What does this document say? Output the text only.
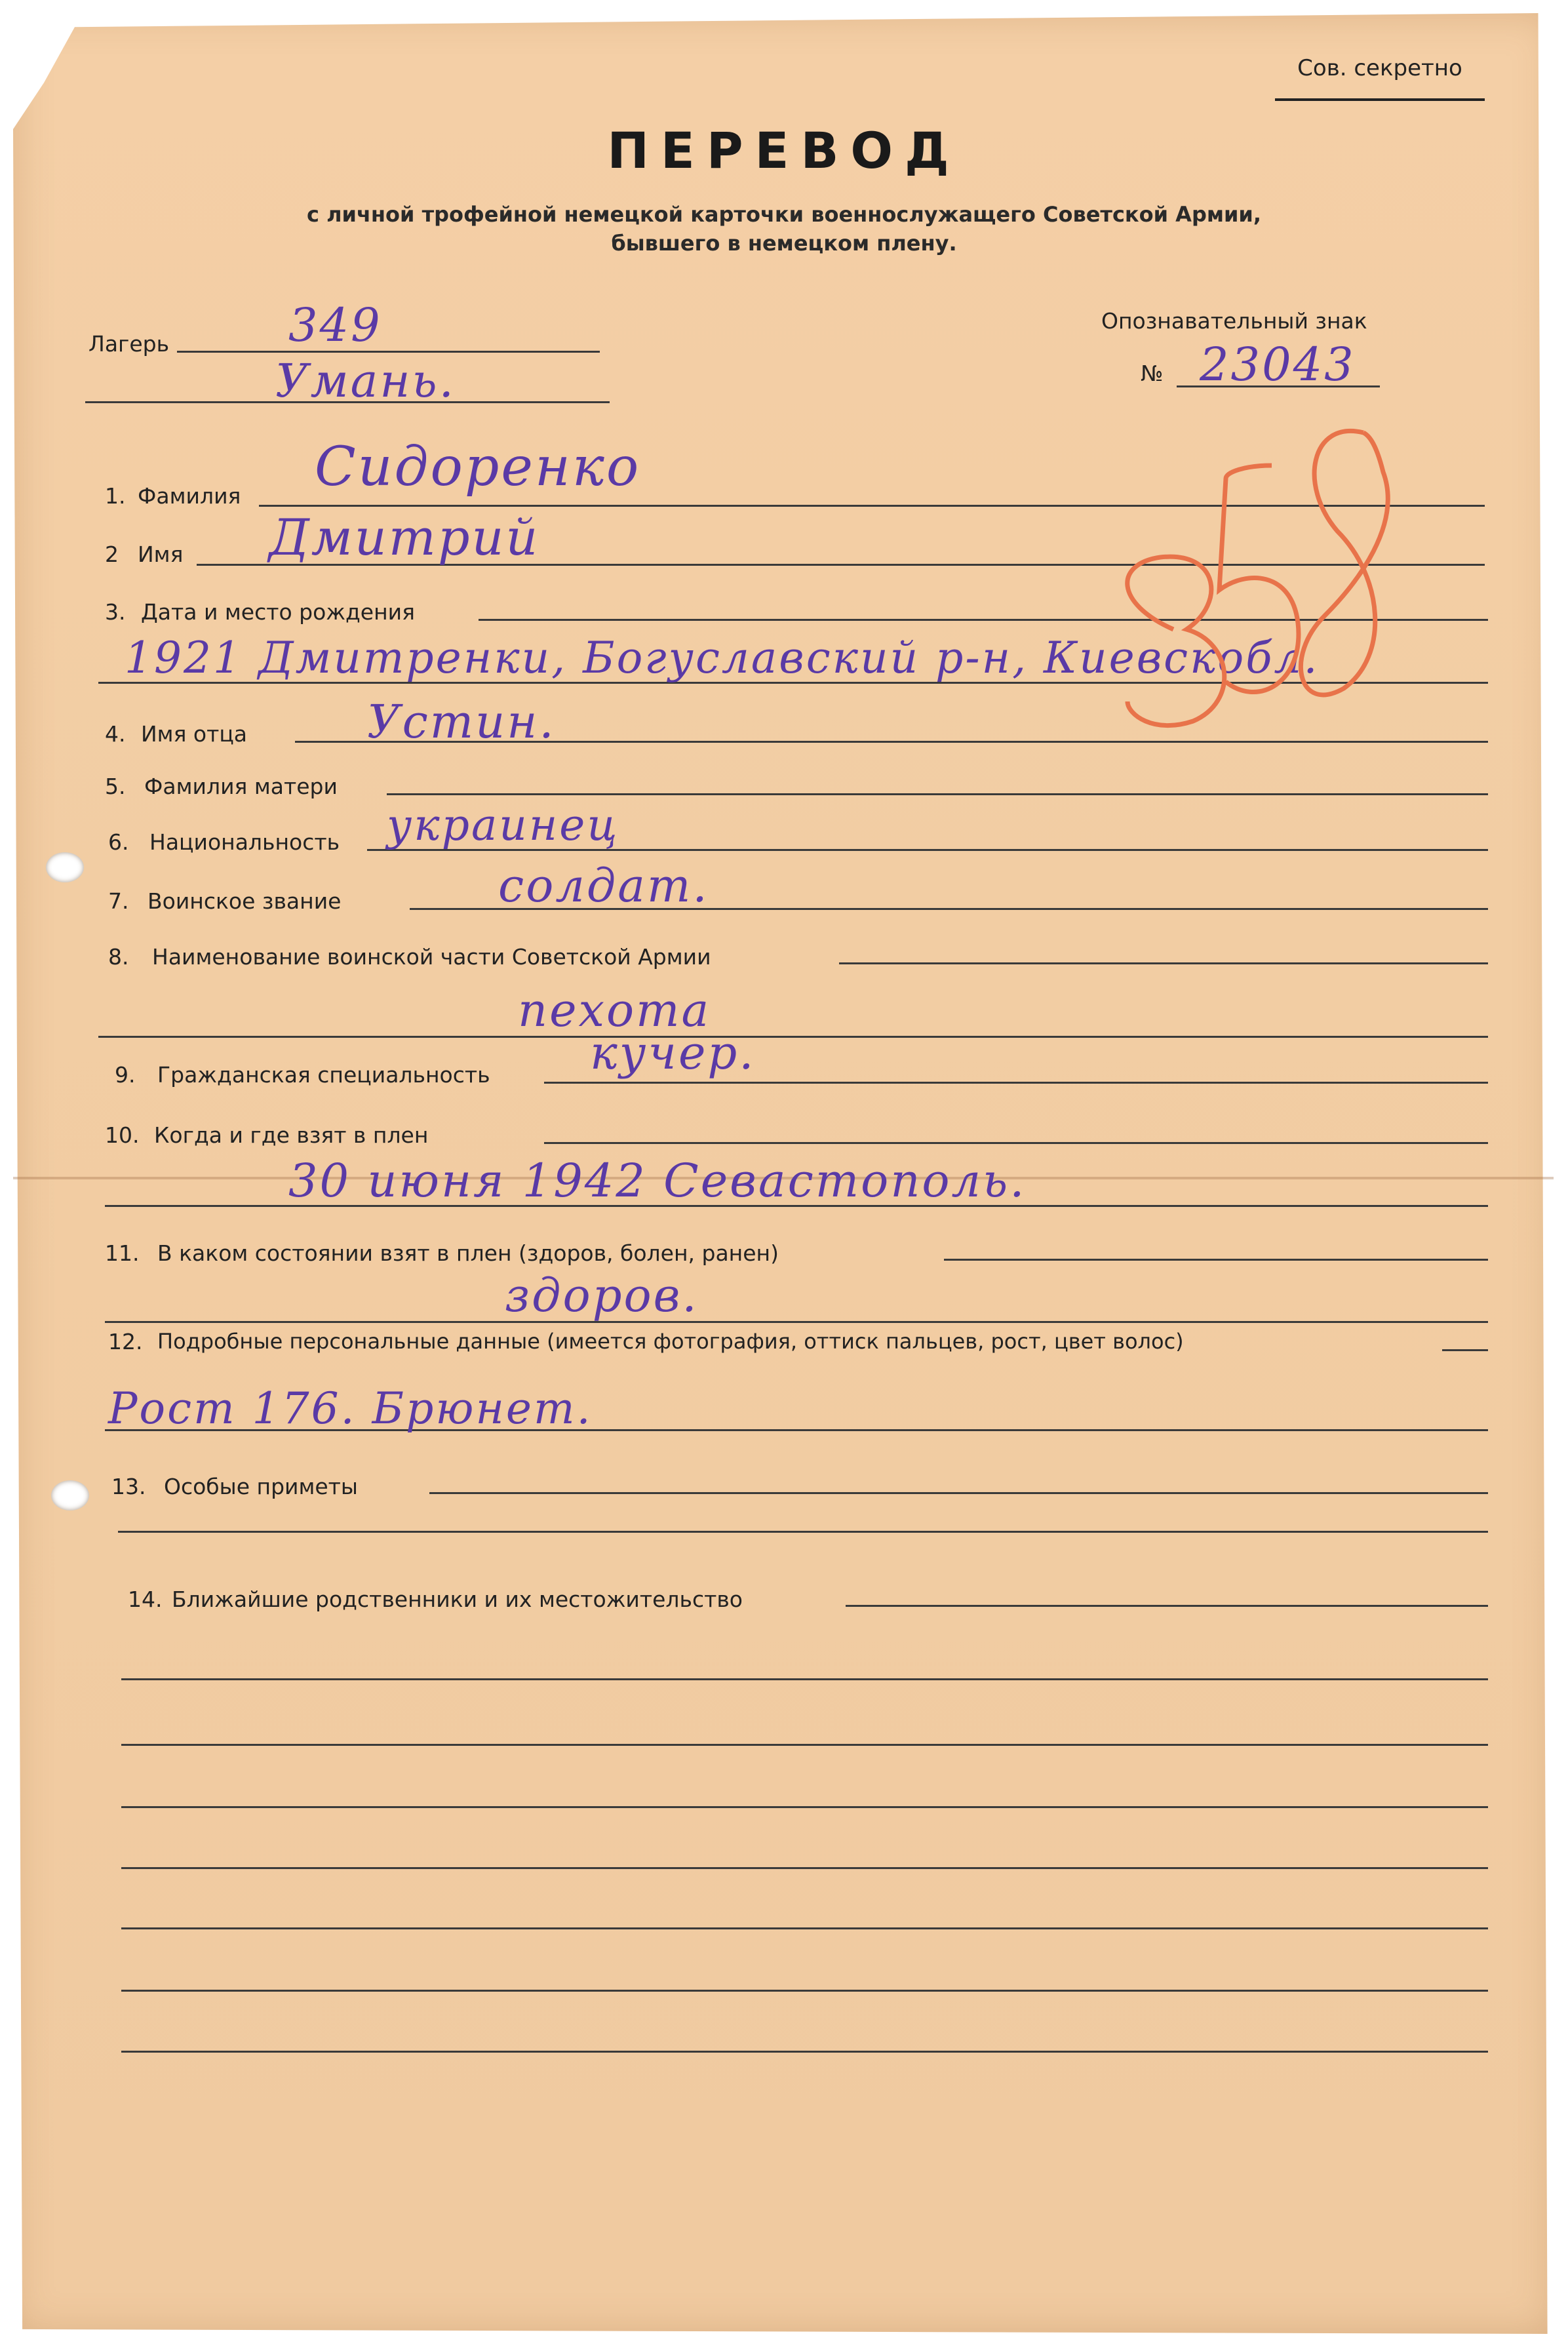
Сов. секретно
ПЕРЕВОД
с личной трофейной немецкой карточки военнослужащего Советской Армии,
бывшего в немецком плену.
Лагерь	349
Умань.
Опознавательный знак
№ 23043
1. Фамилия Сидоренко
2 Имя Дмитрий
3. Дата и место рождения
1921 Дмитренки, Богуславский р-н, Киевскобл.
4. Имя отца	Устин.
5. Фамилия матери
6. Национальность украинец
7. Воинское звание	солдат.
8. Наименование воинской части Советской Армии
пехота
9. Гражданская специальность кучер.
10. Когда и где взят в плен
30 июня 1942 Севастополь.
11. В каком состоянии взят в плен (здоров, болен, ранен)
здоров.
12. Подробные персональные данные (имеется фотография, оттиск пальцев, рост, цвет волос)
Рост 176. Брюнет.
13. Особые приметы
14. Ближайшие родственники и их местожительство
